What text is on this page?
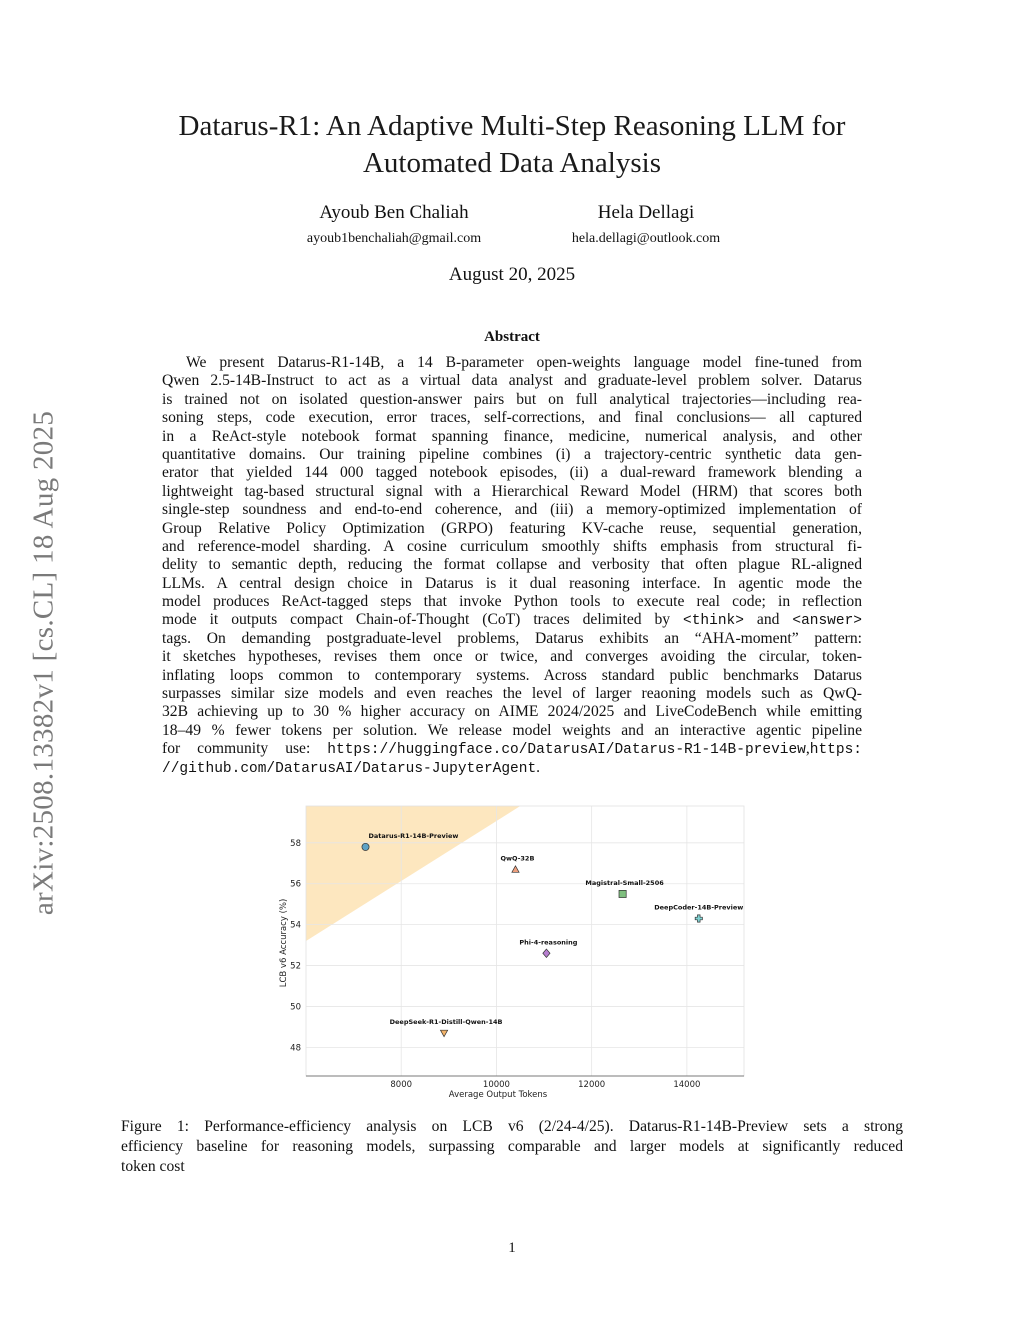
arXiv:2508.13382v1 [cs.CL] 18 Aug 2025
Datarus-R1: An Adaptive Multi-Step Reasoning LLM for
Automated Data Analysis
Ayoub Ben Chaliah
ayoub1benchaliah@gmail.com
Hela Dellagi
hela.dellagi@outlook.com
August 20, 2025
Abstract
We present Datarus-R1-14B, a 14 B-parameter open-weights language model fine-tuned from
Qwen 2.5-14B-Instruct to act as a virtual data analyst and graduate-level problem solver. Datarus
is trained not on isolated question-answer pairs but on full analytical trajectories—including rea-
soning steps, code execution, error traces, self-corrections, and final conclusions— all captured
in a ReAct-style notebook format spanning finance, medicine, numerical analysis, and other
quantitative domains. Our training pipeline combines (i) a trajectory-centric synthetic data gen-
erator that yielded 144 000 tagged notebook episodes, (ii) a dual-reward framework blending a
lightweight tag-based structural signal with a Hierarchical Reward Model (HRM) that scores both
single-step soundness and end-to-end coherence, and (iii) a memory-optimized implementation of
Group Relative Policy Optimization (GRPO) featuring KV-cache reuse, sequential generation,
and reference-model sharding. A cosine curriculum smoothly shifts emphasis from structural fi-
delity to semantic depth, reducing the format collapse and verbosity that often plague RL-aligned
LLMs. A central design choice in Datarus is it dual reasoning interface. In agentic mode the
model produces ReAct-tagged steps that invoke Python tools to execute real code; in reflection
mode it outputs compact Chain-of-Thought (CoT) traces delimited by <think> and <answer>
tags. On demanding postgraduate-level problems, Datarus exhibits an “AHA-moment” pattern:
it sketches hypotheses, revises them once or twice, and converges avoiding the circular, token-
inflating loops common to contemporary systems. Across standard public benchmarks Datarus
surpasses similar size models and even reaches the level of larger reaoning models such as QwQ-
32B achieving up to 30 % higher accuracy on AIME 2024/2025 and LiveCodeBench while emitting
18–49 % fewer tokens per solution. We release model weights and an interactive agentic pipeline
for community use: https://huggingface.co/DatarusAI/Datarus-R1-14B-preview,https:
//github.com/DatarusAI/Datarus-JupyterAgent.
8000	10000	12000	14000
48
50
52
54
56
58
Average Output Tokens
LCB v6 Accuracy (%)
Datarus-R1-14B-Preview
QwQ-32B
Magistral-Small-2506
DeepCoder-14B-Preview
Phi-4-reasoning
DeepSeek-R1-Distill-Qwen-14B
Figure 1: Performance-efficiency analysis on LCB v6 (2/24-4/25). Datarus-R1-14B-Preview sets a strong
efficiency baseline for reasoning models, surpassing comparable and larger models at significantly reduced
token cost
1
